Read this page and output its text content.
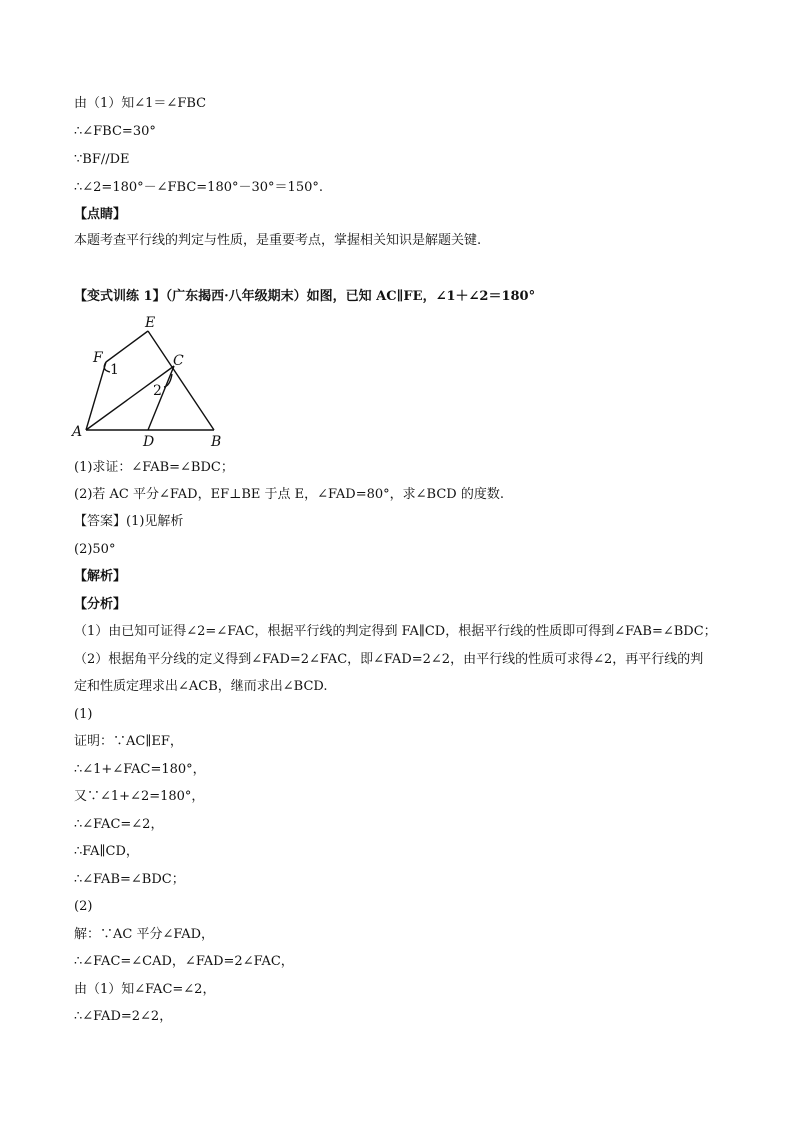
由（1）知∠1＝∠FBC
∴∠FBC=30°
∵BF//DE
∴∠2=180°－∠FBC=180°－30°＝150°.
【点睛】
本题考查平行线的判定与性质，是重要考点，掌握相关知识是解题关键.
【变式训练 1】（广东揭西·八年级期末）如图，已知 AC∥FE，∠1＋∠2＝180°
E
F	C
A
D	B
1
2
(1)求证：∠FAB=∠BDC；
(2)若 AC 平分∠FAD，EF⊥BE 于点 E，∠FAD=80°，求∠BCD 的度数.
【答案】(1)见解析
(2)50°
【解析】
【分析】
（1）由已知可证得∠2=∠FAC，根据平行线的判定得到 FA∥CD，根据平行线的性质即可得到∠FAB=∠BDC；
（2）根据角平分线的定义得到∠FAD=2∠FAC，即∠FAD=2∠2，由平行线的性质可求得∠2，再平行线的判
定和性质定理求出∠ACB，继而求出∠BCD.
(1)
证明：∵AC∥EF，
∴∠1+∠FAC=180°，
又∵∠1+∠2=180°，
∴∠FAC=∠2，
∴FA∥CD，
∴∠FAB=∠BDC；
(2)
解：∵AC 平分∠FAD，
∴∠FAC=∠CAD，∠FAD=2∠FAC，
由（1）知∠FAC=∠2，
∴∠FAD=2∠2，
